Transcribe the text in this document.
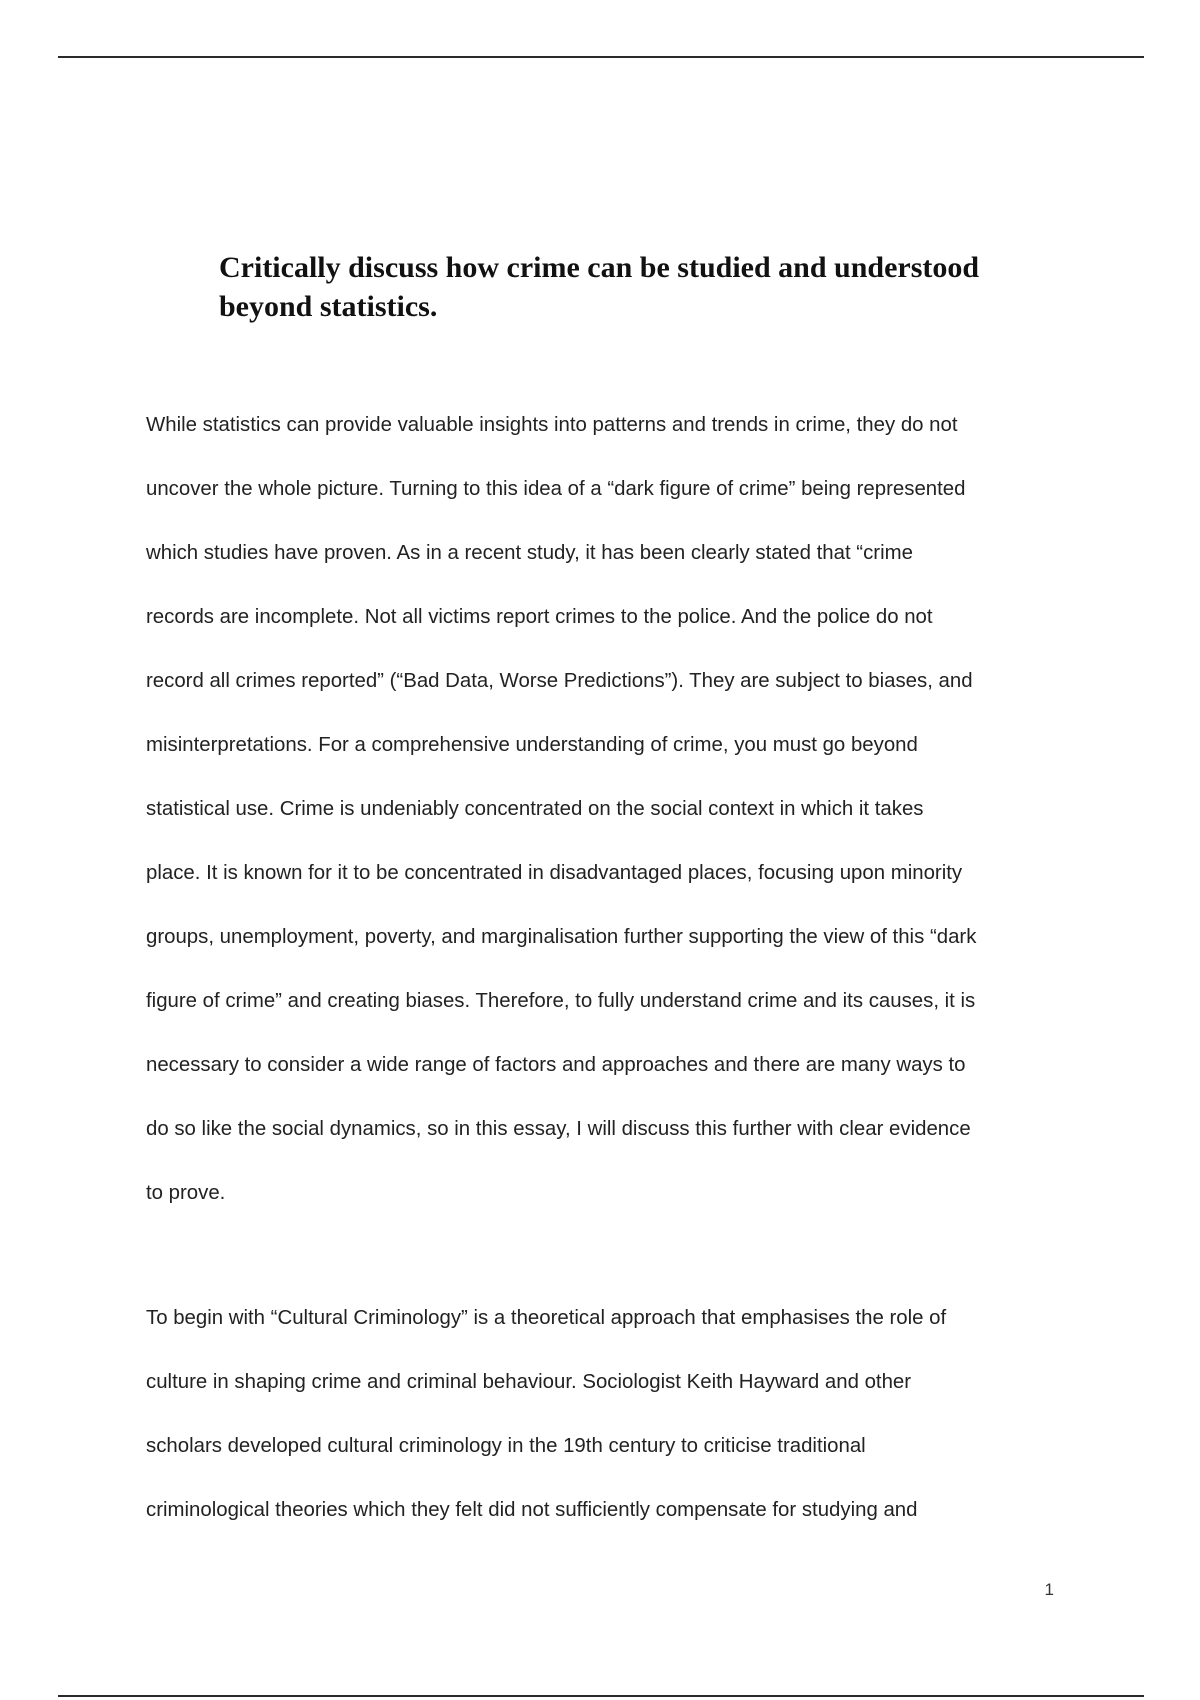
Critically discuss how crime can be studied and understood
beyond statistics.
While statistics can provide valuable insights into patterns and trends in crime, they do not
uncover the whole picture. Turning to this idea of a “dark figure of crime” being represented
which studies have proven. As in a recent study, it has been clearly stated that “crime
records are incomplete. Not all victims report crimes to the police. And the police do not
record all crimes reported” (“Bad Data, Worse Predictions”). They are subject to biases, and
misinterpretations. For a comprehensive understanding of crime, you must go beyond
statistical use. Crime is undeniably concentrated on the social context in which it takes
place. It is known for it to be concentrated in disadvantaged places, focusing upon minority
groups, unemployment, poverty, and marginalisation further supporting the view of this “dark
figure of crime” and creating biases. Therefore, to fully understand crime and its causes, it is
necessary to consider a wide range of factors and approaches and there are many ways to
do so like the social dynamics, so in this essay, I will discuss this further with clear evidence
to prove.
To begin with “Cultural Criminology” is a theoretical approach that emphasises the role of
culture in shaping crime and criminal behaviour. Sociologist Keith Hayward and other
scholars developed cultural criminology in the 19th century to criticise traditional
criminological theories which they felt did not sufficiently compensate for studying and
1
